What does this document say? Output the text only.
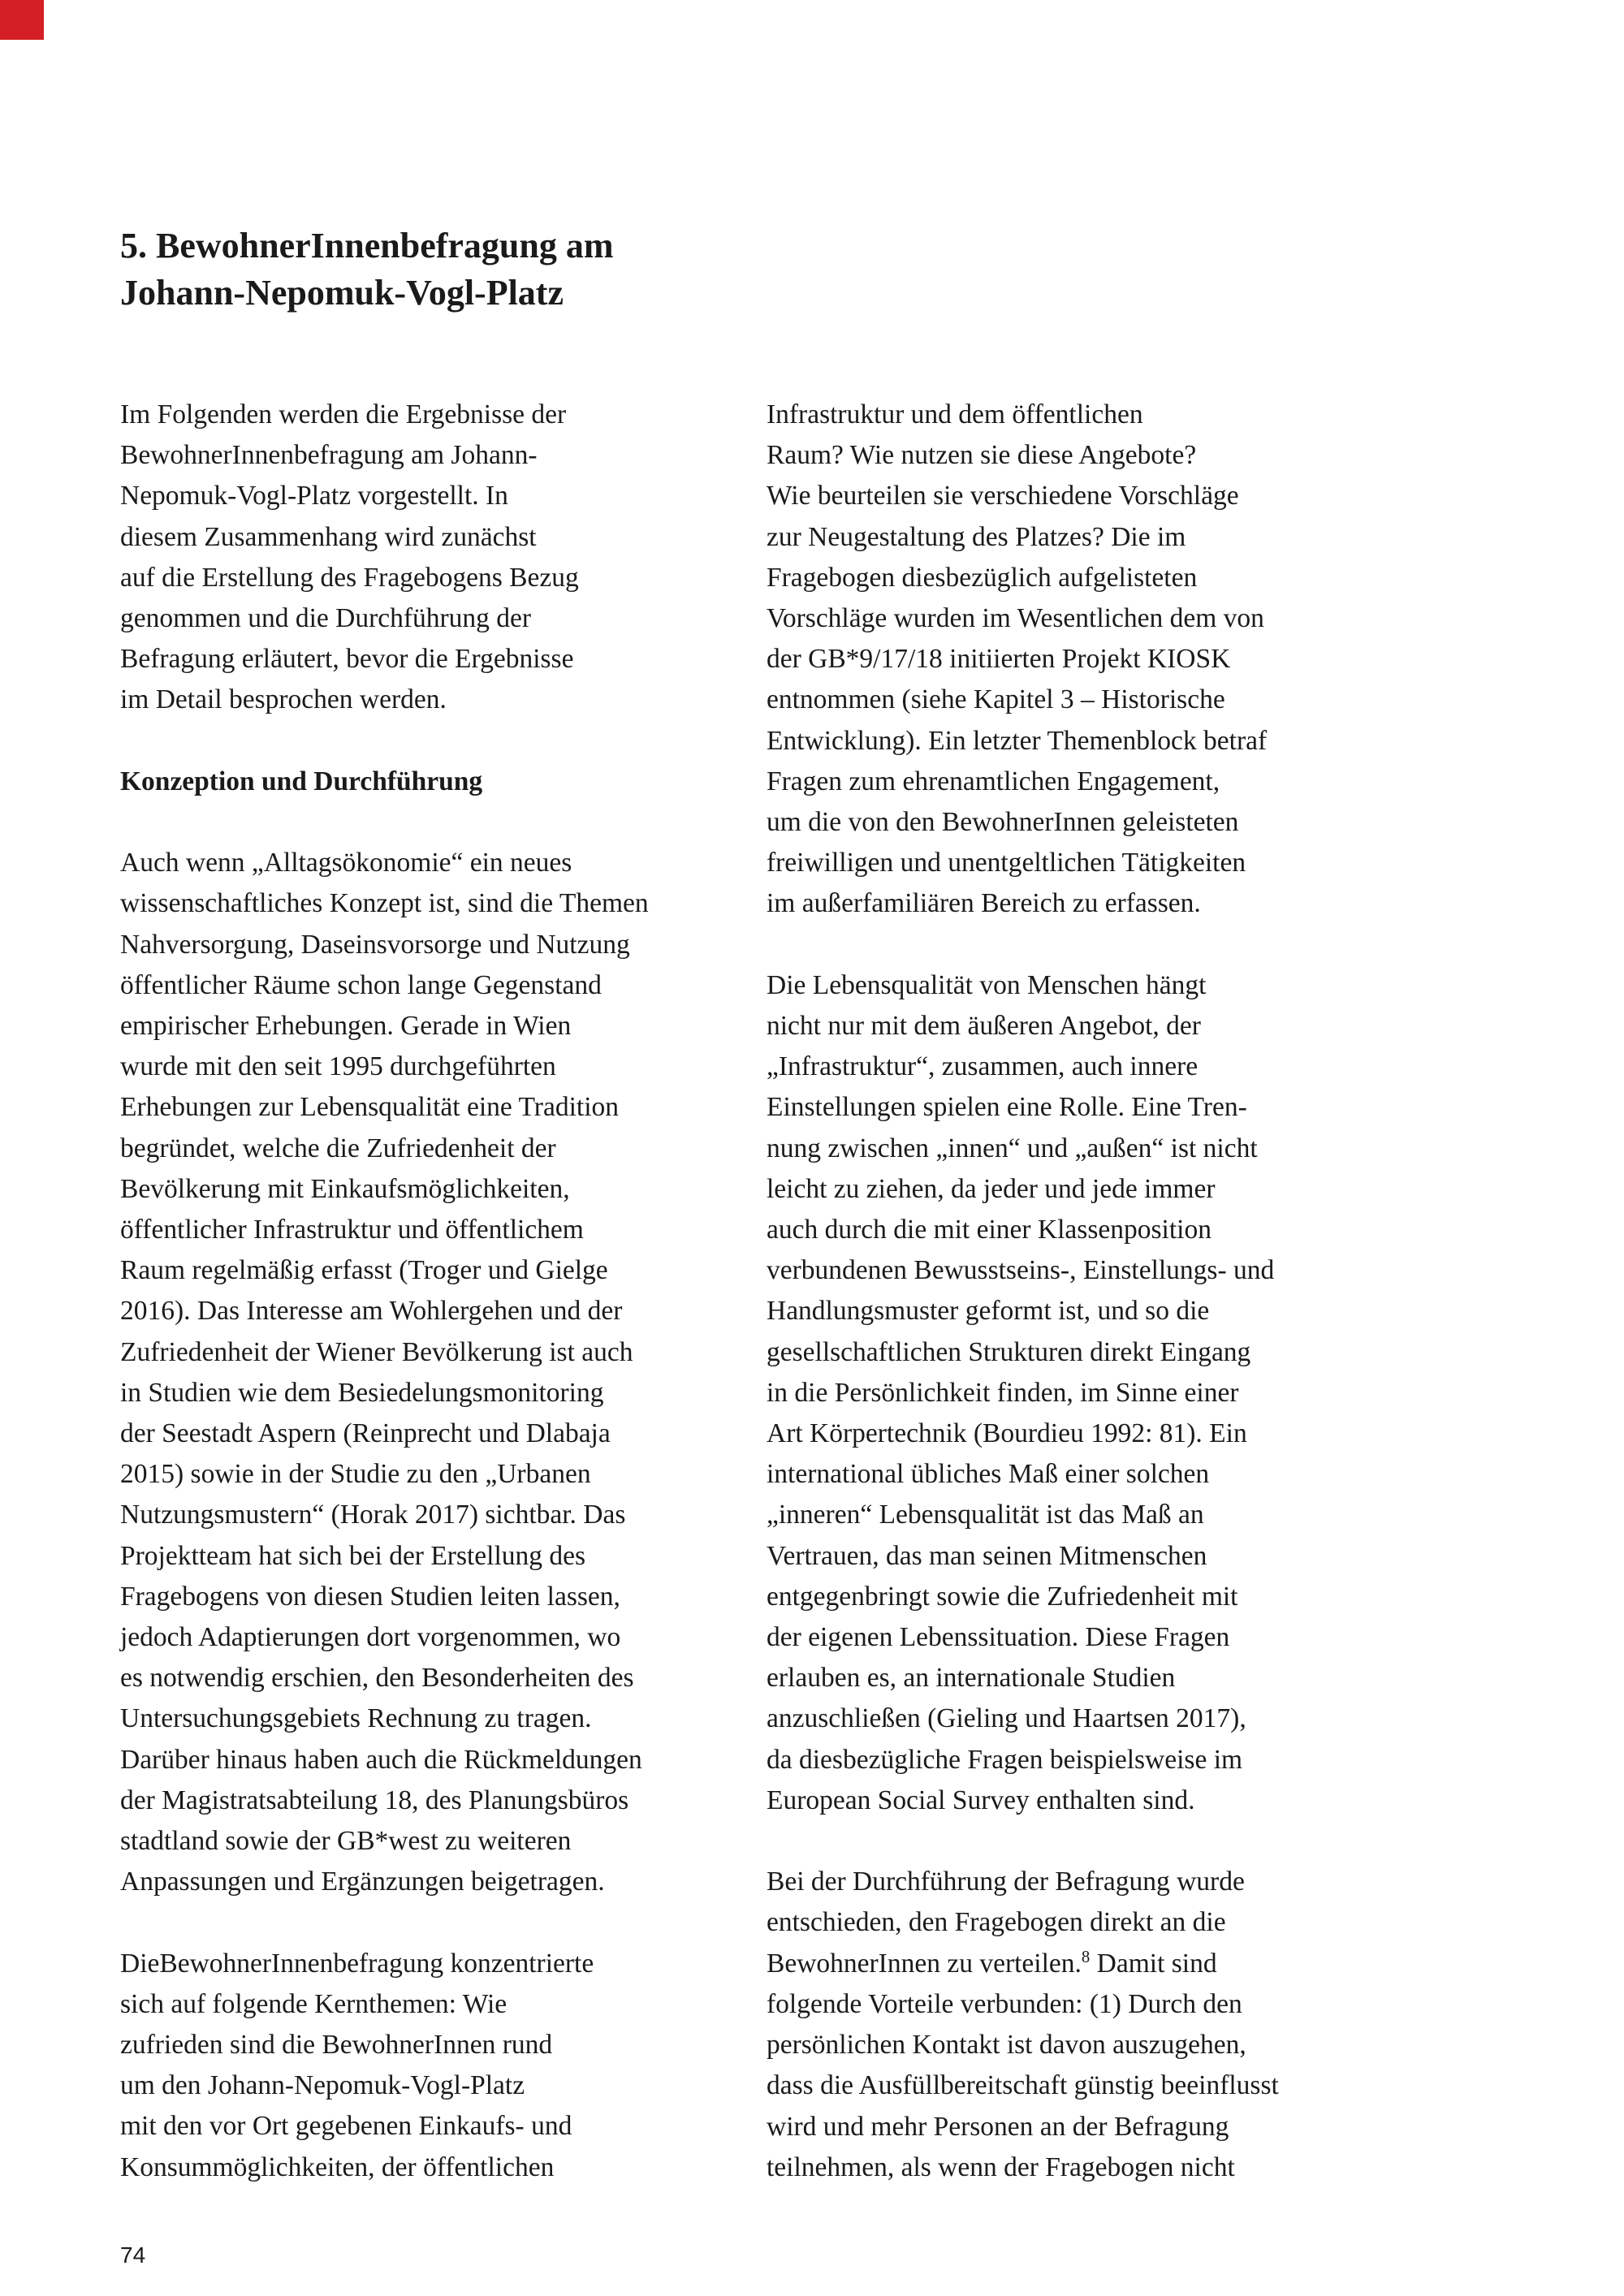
5. BewohnerInnenbefragung am
Johann-Nepomuk-Vogl-Platz

Im Folgenden werden die Ergebnisse der
BewohnerInnenbefragung am Johann-
Nepomuk-Vogl-Platz vorgestellt. In
diesem Zusammenhang wird zunächst
auf die Erstellung des Fragebogens Bezug
genommen und die Durchführung der
Befragung erläutert, bevor die Ergebnisse
im Detail besprochen werden.

Konzeption und Durchführung

Auch wenn „Alltagsökonomie“ ein neues
wissenschaftliches Konzept ist, sind die Themen
Nahversorgung, Daseinsvorsorge und Nutzung
öffentlicher Räume schon lange Gegenstand
empirischer Erhebungen. Gerade in Wien
wurde mit den seit 1995 durchgeführten
Erhebungen zur Lebensqualität eine Tradition
begründet, welche die Zufriedenheit der
Bevölkerung mit Einkaufsmöglichkeiten,
öffentlicher Infrastruktur und öffentlichem
Raum regelmäßig erfasst (Troger und Gielge
2016). Das Interesse am Wohlergehen und der
Zufriedenheit der Wiener Bevölkerung ist auch
in Studien wie dem Besiedelungsmonitoring
der Seestadt Aspern (Reinprecht und Dlabaja
2015) sowie in der Studie zu den „Urbanen
Nutzungsmustern“ (Horak 2017) sichtbar. Das
Projektteam hat sich bei der Erstellung des
Fragebogens von diesen Studien leiten lassen,
jedoch Adaptierungen dort vorgenommen, wo
es notwendig erschien, den Besonderheiten des
Untersuchungsgebiets Rechnung zu tragen.
Darüber hinaus haben auch die Rückmeldungen
der Magistratsabteilung 18, des Planungsbüros
stadtland sowie der GB*west zu weiteren
Anpassungen und Ergänzungen beigetragen.

DieBewohnerInnenbefragung konzentrierte
sich auf folgende Kernthemen: Wie
zufrieden sind die BewohnerInnen rund
um den Johann-Nepomuk-Vogl-Platz
mit den vor Ort gegebenen Einkaufs- und
Konsummöglichkeiten, der öffentlichen

Infrastruktur und dem öffentlichen
Raum? Wie nutzen sie diese Angebote?
Wie beurteilen sie verschiedene Vorschläge
zur Neugestaltung des Platzes? Die im
Fragebogen diesbezüglich aufgelisteten
Vorschläge wurden im Wesentlichen dem von
der GB*9/17/18 initiierten Projekt KIOSK
entnommen (siehe Kapitel 3 – Historische
Entwicklung). Ein letzter Themenblock betraf
Fragen zum ehrenamtlichen Engagement,
um die von den BewohnerInnen geleisteten
freiwilligen und unentgeltlichen Tätigkeiten
im außerfamiliären Bereich zu erfassen.

Die Lebensqualität von Menschen hängt
nicht nur mit dem äußeren Angebot, der
„Infrastruktur“, zusammen, auch innere
Einstellungen spielen eine Rolle. Eine Tren-
nung zwischen „innen“ und „außen“ ist nicht
leicht zu ziehen, da jeder und jede immer
auch durch die mit einer Klassenposition
verbundenen Bewusstseins-, Einstellungs- und
Handlungsmuster geformt ist, und so die
gesellschaftlichen Strukturen direkt Eingang
in die Persönlichkeit finden, im Sinne einer
Art Körpertechnik (Bourdieu 1992: 81). Ein
international übliches Maß einer solchen
„inneren“ Lebensqualität ist das Maß an
Vertrauen, das man seinen Mitmenschen
entgegenbringt sowie die Zufriedenheit mit
der eigenen Lebenssituation. Diese Fragen
erlauben es, an internationale Studien
anzuschließen (Gieling und Haartsen 2017),
da diesbezügliche Fragen beispielsweise im
European Social Survey enthalten sind.

Bei der Durchführung der Befragung wurde
entschieden, den Fragebogen direkt an die
BewohnerInnen zu verteilen.$^8$ Damit sind
folgende Vorteile verbunden: (1) Durch den
persönlichen Kontakt ist davon auszugehen,
dass die Ausfüllbereitschaft günstig beeinflusst
wird und mehr Personen an der Befragung
teilnehmen, als wenn der Fragebogen nicht

74
